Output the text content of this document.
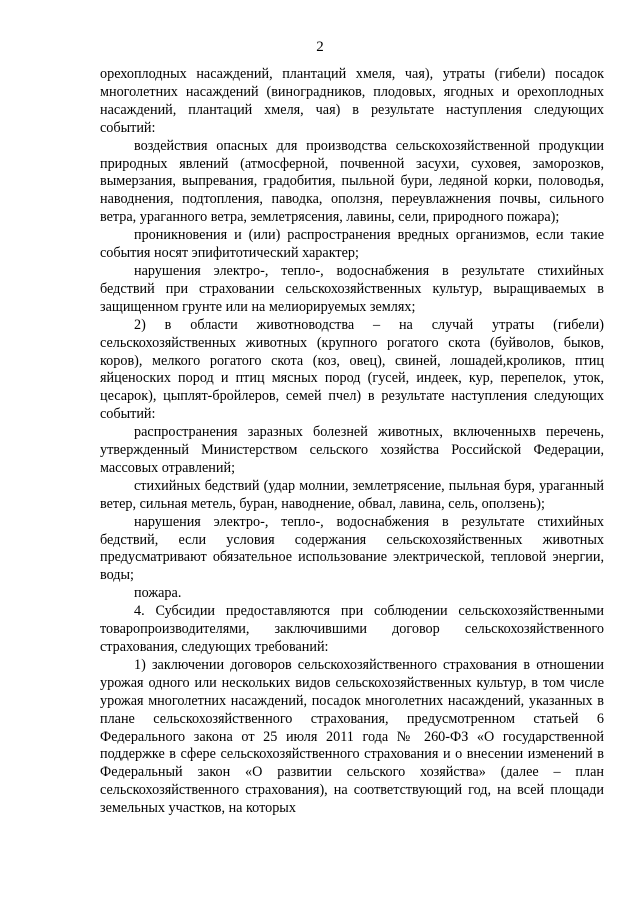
2

орехоплодных насаждений, плантаций хмеля, чая), утраты (гибели) посадок многолетних насаждений (виноградников, плодовых, ягодных и орехоплодных насаждений, плантаций хмеля, чая) в результате наступления следующих событий:

воздействия опасных для производства сельскохозяйственной продукции природных явлений (атмосферной, почвенной засухи, суховея, заморозков, вымерзания, выпревания, градобития, пыльной бури, ледяной корки, половодья, наводнения, подтопления, паводка, оползня, переувлажнения почвы, сильного ветра, ураганного ветра, землетрясения, лавины, сели, природного пожара);

проникновения и (или) распространения вредных организмов, если такие события носят эпифитотический характер;

нарушения электро-, тепло-, водоснабжения в результате стихийных бедствий при страховании сельскохозяйственных культур, выращиваемых в защищенном грунте или на мелиорируемых землях;

2) в области животноводства – на случай утраты (гибели) сельскохозяйственных животных (крупного рогатого скота (буйволов, быков, коров), мелкого рогатого скота (коз, овец), свиней, лошадей,кроликов, птиц яйценоских пород и птиц мясных пород (гусей, индеек, кур, перепелок, уток, цесарок), цыплят-бройлеров, семей пчел) в результате наступления следующих событий:

распространения заразных болезней животных, включенныхв перечень, утвержденный Министерством сельского хозяйства Российской Федерации, массовых отравлений;

стихийных бедствий (удар молнии, землетрясение, пыльная буря, ураганный ветер, сильная метель, буран, наводнение, обвал, лавина, сель, оползень);

нарушения электро-, тепло-, водоснабжения в результате стихийных бедствий, если условия содержания сельскохозяйственных животных предусматривают обязательное использование электрической, тепловой энергии, воды;

пожара.

4. Субсидии предоставляются при соблюдении сельскохозяйственными товаропроизводителями, заключившими договор сельскохозяйственного страхования, следующих требований:

1) заключении договоров сельскохозяйственного страхования в отношении урожая одного или нескольких видов сельскохозяйственных культур, в том числе урожая многолетних насаждений, посадок многолетних насаждений, указанных в плане сельскохозяйственного страхования, предусмотренном статьей 6 Федерального закона от 25 июля 2011 года № 260-ФЗ «О государственной поддержке в сфере сельскохозяйственного страхования и о внесении изменений в Федеральный закон «О развитии сельского хозяйства» (далее – план сельскохозяйственного страхования), на соответствующий год, на всей площади земельных участков, на которых
